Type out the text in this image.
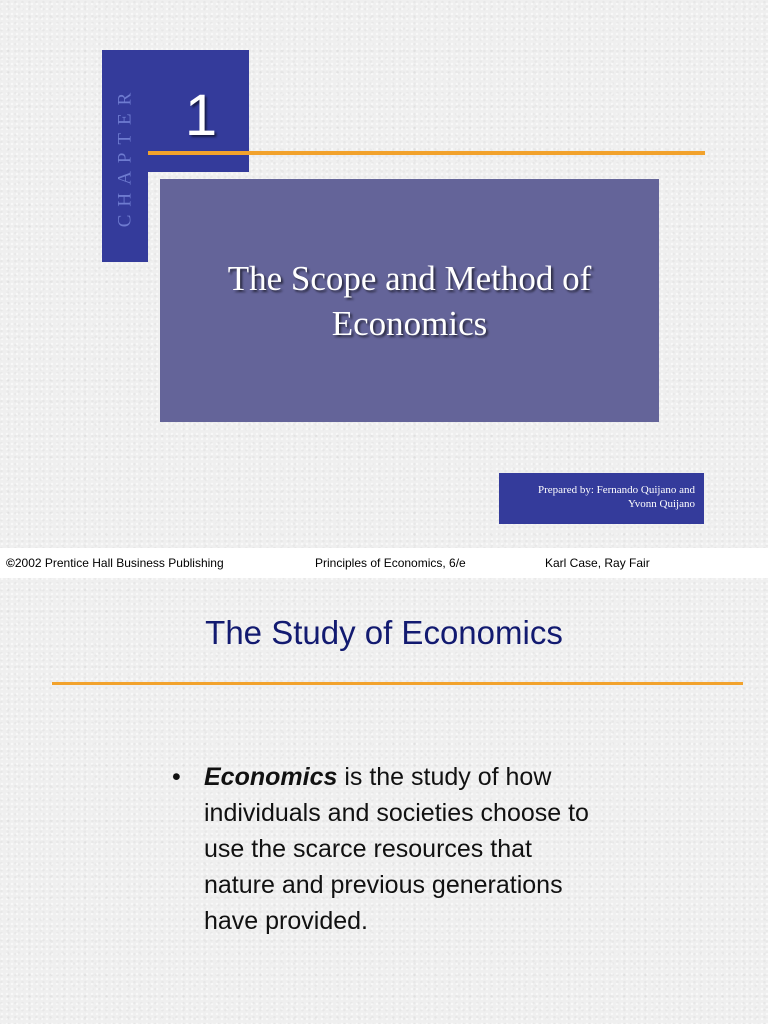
CHAPTER 1
The Scope and Method of Economics
Prepared by: Fernando Quijano and
Yvonn Quijano
©2002 Prentice Hall Business Publishing	Principles of Economics, 6/e	Karl Case, Ray Fair
The Study of Economics
• Economics is the study of how individuals and societies choose to use the scarce resources that nature and previous generations have provided.
